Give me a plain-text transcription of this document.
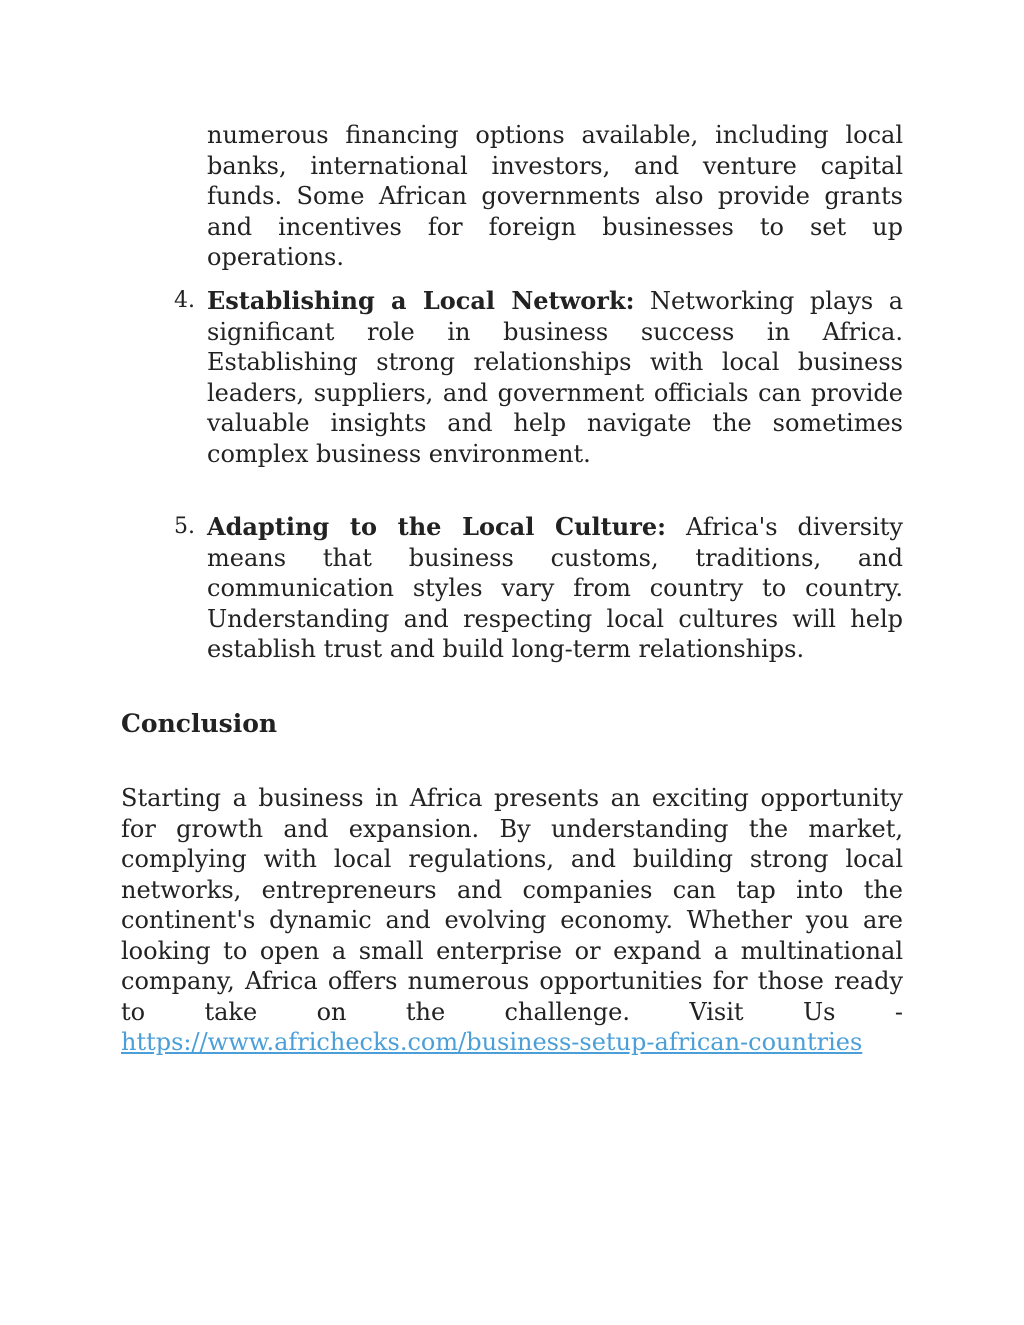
numerous financing options available, including local banks, international investors, and venture capital funds. Some African governments also provide grants and incentives for foreign businesses to set up operations.

4. Establishing a Local Network: Networking plays a significant role in business success in Africa. Establishing strong relationships with local business leaders, suppliers, and government officials can provide valuable insights and help navigate the sometimes complex business environment.

5. Adapting to the Local Culture: Africa's diversity means that business customs, traditions, and communication styles vary from country to country. Understanding and respecting local cultures will help establish trust and build long-term relationships.

Conclusion

Starting a business in Africa presents an exciting opportunity for growth and expansion. By understanding the market, complying with local regulations, and building strong local networks, entrepreneurs and companies can tap into the continent's dynamic and evolving economy. Whether you are looking to open a small enterprise or expand a multinational company, Africa offers numerous opportunities for those ready to take on the challenge. Visit Us - https://www.africhecks.com/business-setup-african-countries
